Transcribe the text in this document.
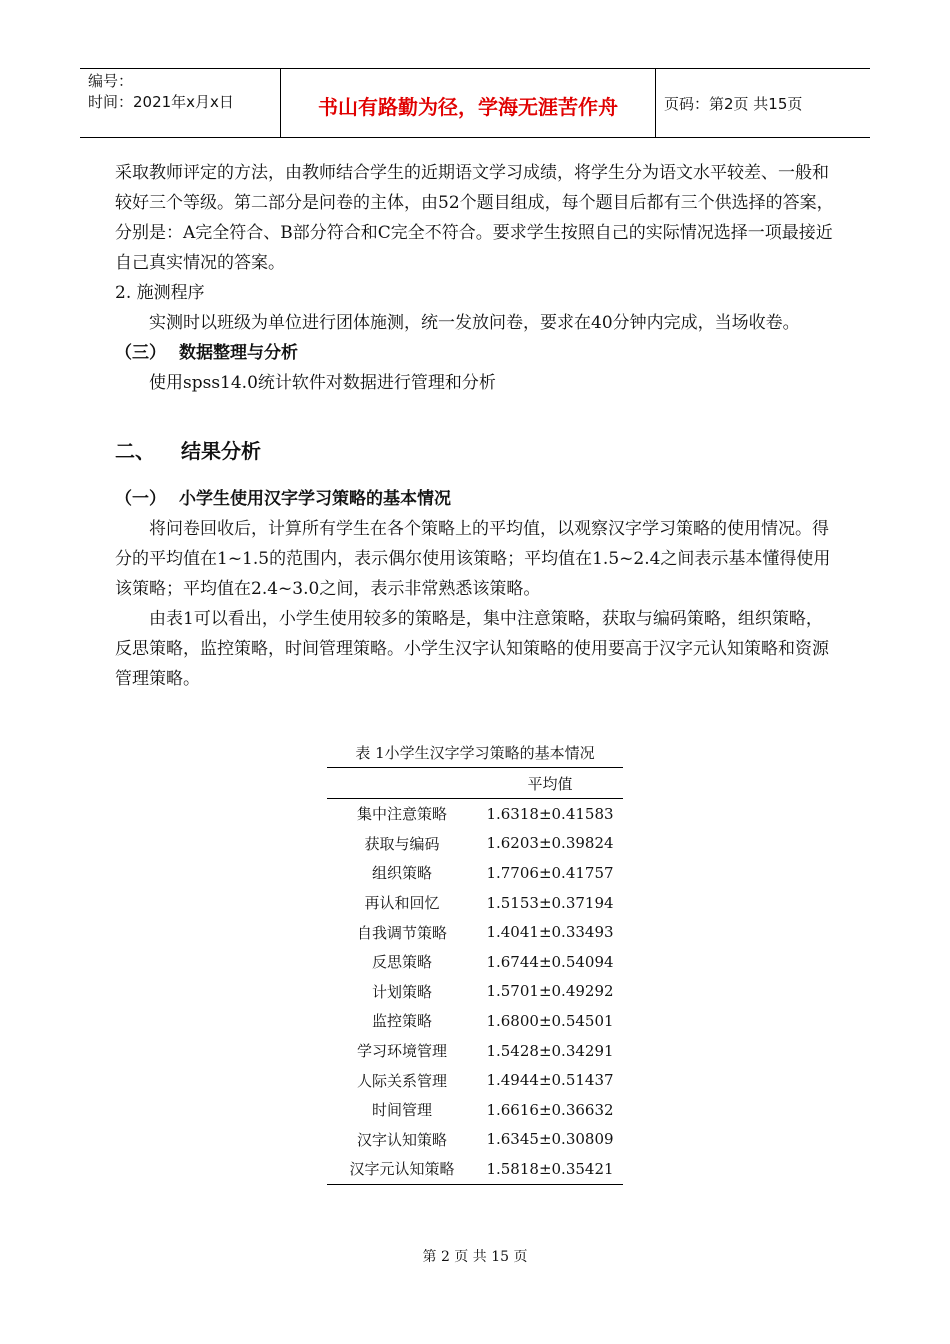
编号：
时间：2021年x月x日	书山有路勤为径，学海无涯苦作舟	页码：第2页 共15页

采取教师评定的方法，由教师结合学生的近期语文学习成绩，将学生分为语文水平较差、一般和较好三个等级。第二部分是问卷的主体，由52个题目组成，每个题目后都有三个供选择的答案，分别是：A完全符合、B部分符合和C完全不符合。要求学生按照自己的实际情况选择一项最接近自己真实情况的答案。

2. 施测程序

实测时以班级为单位进行团体施测，统一发放问卷，要求在40分钟内完成，当场收卷。

（三） 数据整理与分析

使用spss14.0统计软件对数据进行管理和分析

二、 结果分析

（一） 小学生使用汉字学习策略的基本情况

将问卷回收后，计算所有学生在各个策略上的平均值，以观察汉字学习策略的使用情况。得分的平均值在1~1.5的范围内，表示偶尔使用该策略；平均值在1.5~2.4之间表示基本懂得使用该策略；平均值在2.4~3.0之间，表示非常熟悉该策略。

由表1可以看出，小学生使用较多的策略是，集中注意策略，获取与编码策略，组织策略，反思策略，监控策略，时间管理策略。小学生汉字认知策略的使用要高于汉字元认知策略和资源管理策略。

表 1小学生汉字学习策略的基本情况
	平均值
集中注意策略	1.6318±0.41583
获取与编码	1.6203±0.39824
组织策略	1.7706±0.41757
再认和回忆	1.5153±0.37194
自我调节策略	1.4041±0.33493
反思策略	1.6744±0.54094
计划策略	1.5701±0.49292
监控策略	1.6800±0.54501
学习环境管理	1.5428±0.34291
人际关系管理	1.4944±0.51437
时间管理	1.6616±0.36632
汉字认知策略	1.6345±0.30809
汉字元认知策略	1.5818±0.35421
第 2 页 共 15 页
